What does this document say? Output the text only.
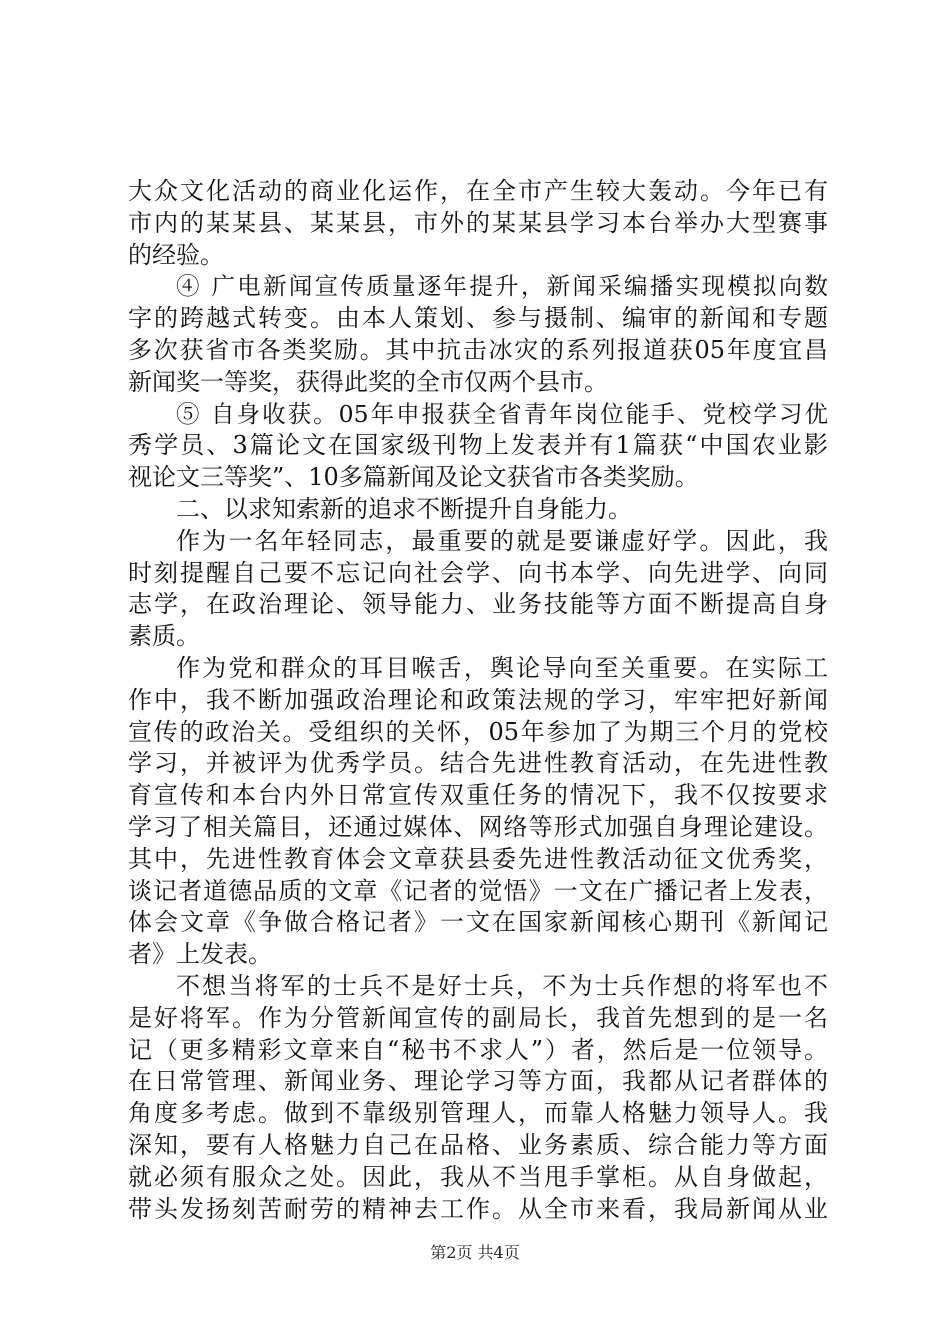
大众文化活动的商业化运作，在全市产生较大轰动。今年已有
市内的某某县、某某县，市外的某某县学习本台举办大型赛事
的经验。
④ 广电新闻宣传质量逐年提升，新闻采编播实现模拟向数
字的跨越式转变。由本人策划、参与摄制、编审的新闻和专题
多次获省市各类奖励。其中抗击冰灾的系列报道获05年度宜昌
新闻奖一等奖，获得此奖的全市仅两个县市。
⑤ 自身收获。05年申报获全省青年岗位能手、党校学习优
秀学员、3篇论文在国家级刊物上发表并有1篇获“中国农业影
视论文三等奖”、10多篇新闻及论文获省市各类奖励。
二、以求知索新的追求不断提升自身能力。
作为一名年轻同志，最重要的就是要谦虚好学。因此，我
时刻提醒自己要不忘记向社会学、向书本学、向先进学、向同
志学，在政治理论、领导能力、业务技能等方面不断提高自身
素质。
作为党和群众的耳目喉舌，舆论导向至关重要。在实际工
作中，我不断加强政治理论和政策法规的学习，牢牢把好新闻
宣传的政治关。受组织的关怀，05年参加了为期三个月的党校
学习，并被评为优秀学员。结合先进性教育活动，在先进性教
育宣传和本台内外日常宣传双重任务的情况下，我不仅按要求
学习了相关篇目，还通过媒体、网络等形式加强自身理论建设。
其中，先进性教育体会文章获县委先进性教活动征文优秀奖，
谈记者道德品质的文章《记者的觉悟》一文在广播记者上发表，
体会文章《争做合格记者》一文在国家新闻核心期刊《新闻记
者》上发表。
不想当将军的士兵不是好士兵，不为士兵作想的将军也不
是好将军。作为分管新闻宣传的副局长，我首先想到的是一名
记（更多精彩文章来自“秘书不求人”）者，然后是一位领导。
在日常管理、新闻业务、理论学习等方面，我都从记者群体的
角度多考虑。做到不靠级别管理人，而靠人格魅力领导人。我
深知，要有人格魅力自己在品格、业务素质、综合能力等方面
就必须有服众之处。因此，我从不当甩手掌柜。从自身做起，
带头发扬刻苦耐劳的精神去工作。从全市来看，我局新闻从业
第2页 共4页
